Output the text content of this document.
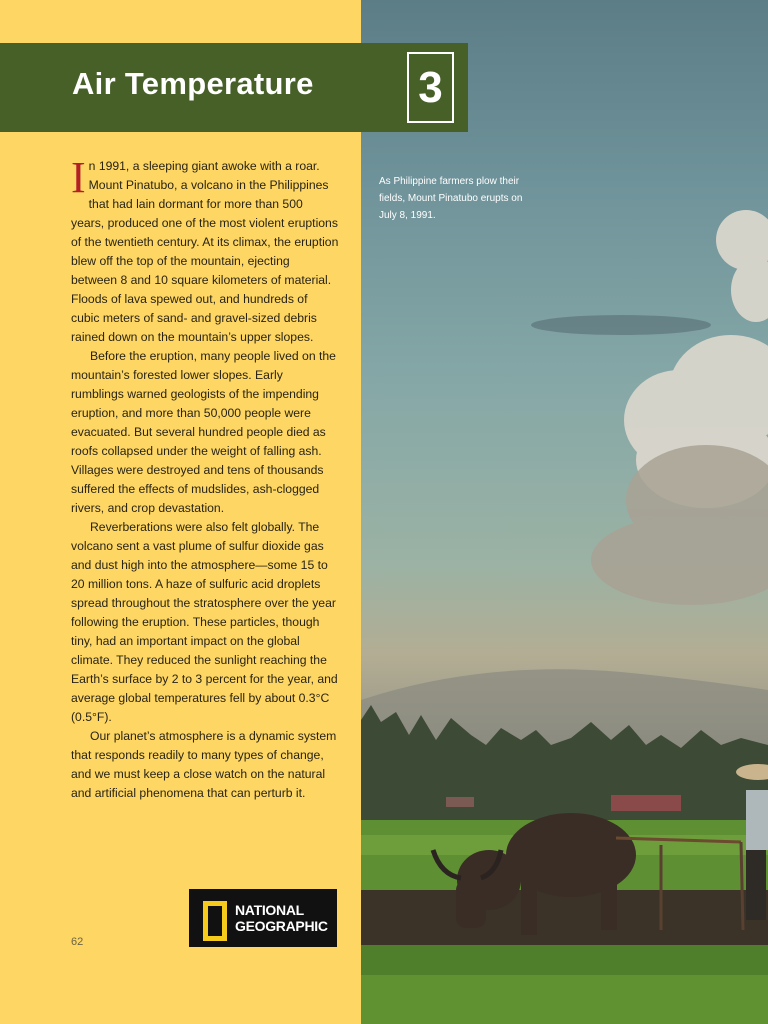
Air Temperature 3
As Philippine farmers plow their fields, Mount Pinatubo erupts on July 8, 1991.

In 1991, a sleeping giant awoke with a roar. Mount Pinatubo, a volcano in the Philippines that had lain dormant for more than 500 years, produced one of the most violent eruptions of the twentieth century. At its climax, the eruption blew off the top of the mountain, ejecting between 8 and 10 square kilometers of material. Floods of lava spewed out, and hundreds of cubic meters of sand- and gravel-sized debris rained down on the mountain’s upper slopes.

Before the eruption, many people lived on the mountain’s forested lower slopes. Early rumblings warned geologists of the impending eruption, and more than 50,000 people were evacuated. But several hundred people died as roofs collapsed under the weight of falling ash. Villages were destroyed and tens of thousands suffered the effects of mudslides, ash-clogged rivers, and crop devastation.

Reverberations were also felt globally. The volcano sent a vast plume of sulfur dioxide gas and dust high into the atmosphere—some 15 to 20 million tons. A haze of sulfuric acid droplets spread throughout the stratosphere over the year following the eruption. These particles, though tiny, had an important impact on the global climate. They reduced the sunlight reaching the Earth’s surface by 2 to 3 percent for the year, and average global temperatures fell by about 0.3°C (0.5°F).

Our planet’s atmosphere is a dynamic system that responds readily to many types of change, and we must keep a close watch on the natural and artificial phenomena that can perturb it.

NATIONAL
GEOGRAPHIC
62
